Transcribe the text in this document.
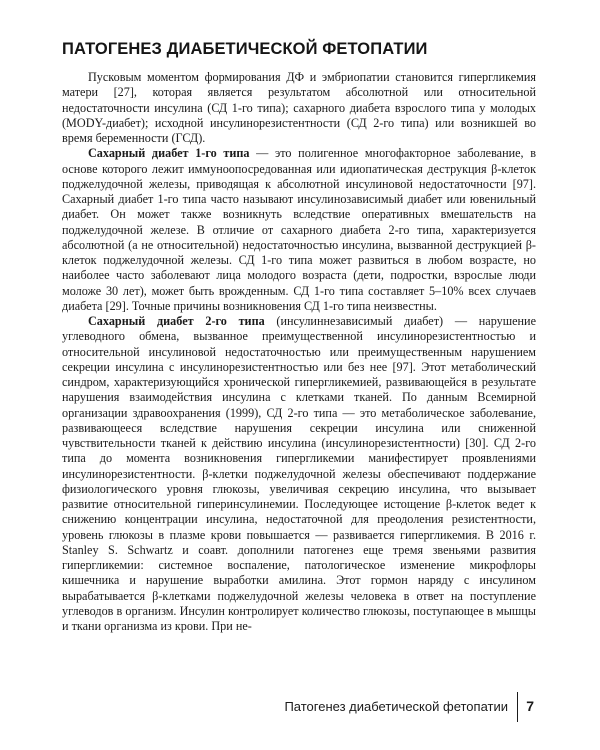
ПАТОГЕНЕЗ ДИАБЕТИЧЕСКОЙ ФЕТОПАТИИ

Пусковым моментом формирования ДФ и эмбриопатии становится гипергликемия матери [27], которая является результатом абсолютной или относительной недостаточности инсулина (СД 1-го типа); сахарного диабета взрослого типа у молодых (MODY-диабет); исходной инсулинорезистентности (СД 2-го типа) или возникшей во время беременности (ГСД).

Сахарный диабет 1-го типа — это полигенное многофакторное заболевание, в основе которого лежит иммуноопосредованная или идиопатическая деструкция β-клеток поджелудочной железы, приводящая к абсолютной инсулиновой недостаточности [97]. Сахарный диабет 1-го типа часто называют инсулинозависимый диабет или ювенильный диабет. Он может также возникнуть вследствие оперативных вмешательств на поджелудочной железе. В отличие от сахарного диабета 2-го типа, характеризуется абсолютной (а не относительной) недостаточностью инсулина, вызванной деструкцией β-клеток поджелудочной железы. СД 1-го типа может развиться в любом возрасте, но наиболее часто заболевают лица молодого возраста (дети, подростки, взрослые люди моложе 30 лет), может быть врожденным. СД 1-го типа составляет 5–10% всех случаев диабета [29]. Точные причины возникновения СД 1-го типа неизвестны.

Сахарный диабет 2-го типа (инсулиннезависимый диабет) — нарушение углеводного обмена, вызванное преимущественной инсулинорезистентностью и относительной инсулиновой недостаточностью или преимущественным нарушением секреции инсулина с инсулинорезистентностью или без нее [97]. Этот метаболический синдром, характеризующийся хронической гипергликемией, развивающейся в результате нарушения взаимодействия инсулина с клетками тканей. По данным Всемирной организации здравоохранения (1999), СД 2-го типа — это метаболическое заболевание, развивающееся вследствие нарушения секреции инсулина или сниженной чувствительности тканей к действию инсулина (инсулинорезистентности) [30]. СД 2-го типа до момента возникновения гипергликемии манифестирует проявлениями инсулинорезистентности. β-клетки поджелудочной железы обеспечивают поддержание физиологического уровня глюкозы, увеличивая секрецию инсулина, что вызывает развитие относительной гиперинсулинемии. Последующее истощение β-клеток ведет к снижению концентрации инсулина, недостаточной для преодоления резистентности, уровень глюкозы в плазме крови повышается — развивается гипергликемия. В 2016 г. Stanley S. Schwartz и соавт. дополнили патогенез еще тремя звеньями развития гипергликемии: системное воспаление, патологическое изменение микрофлоры кишечника и нарушение выработки амилина. Этот гормон наряду с инсулином вырабатывается β-клетками поджелудочной железы человека в ответ на поступление углеводов в организм. Инсулин контролирует количество глюкозы, поступающее в мышцы и ткани организма из крови. При не-

Патогенез диабетической фетопатии 7
